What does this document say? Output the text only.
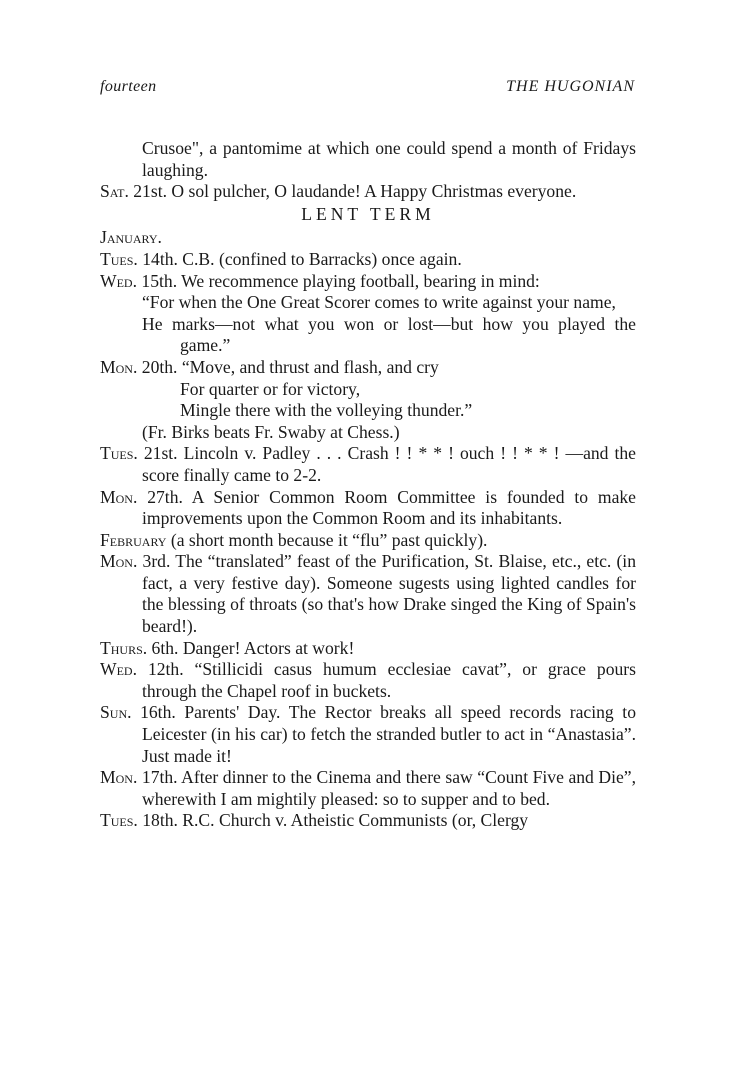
fourteen	THE HUGONIAN

Crusoe", a pantomime at which one could spend a month of Fridays laughing.

Sat. 21st. O sol pulcher, O laudande! A Happy Christmas everyone.

LENT TERM

January.

Tues. 14th. C.B. (confined to Barracks) once again.

Wed. 15th. We recommence playing football, bearing in mind:

“For when the One Great Scorer comes to write against your name,

He marks—not what you won or lost—but how you played the game.”

Mon. 20th. “Move, and thrust and flash, and cry

For quarter or for victory,

Mingle there with the volleying thunder.”

(Fr. Birks beats Fr. Swaby at Chess.)

Tues. 21st. Lincoln v. Padley . . . Crash ! ! * * ! ouch ! ! * * ! —and the score finally came to 2-2.

Mon. 27th. A Senior Common Room Committee is founded to make improvements upon the Common Room and its inhabitants.

February (a short month because it “flu” past quickly).

Mon. 3rd. The “translated” feast of the Purification, St. Blaise, etc., etc. (in fact, a very festive day). Someone sugests using lighted candles for the blessing of throats (so that's how Drake singed the King of Spain's beard!).

Thurs. 6th. Danger! Actors at work!

Wed. 12th. “Stillicidi casus humum ecclesiae cavat”, or grace pours through the Chapel roof in buckets.

Sun. 16th. Parents' Day. The Rector breaks all speed records racing to Leicester (in his car) to fetch the stranded butler to act in “Anastasia”. Just made it!

Mon. 17th. After dinner to the Cinema and there saw “Count Five and Die”, wherewith I am mightily pleased: so to supper and to bed.

Tues. 18th. R.C. Church v. Atheistic Communists (or, Clergy
